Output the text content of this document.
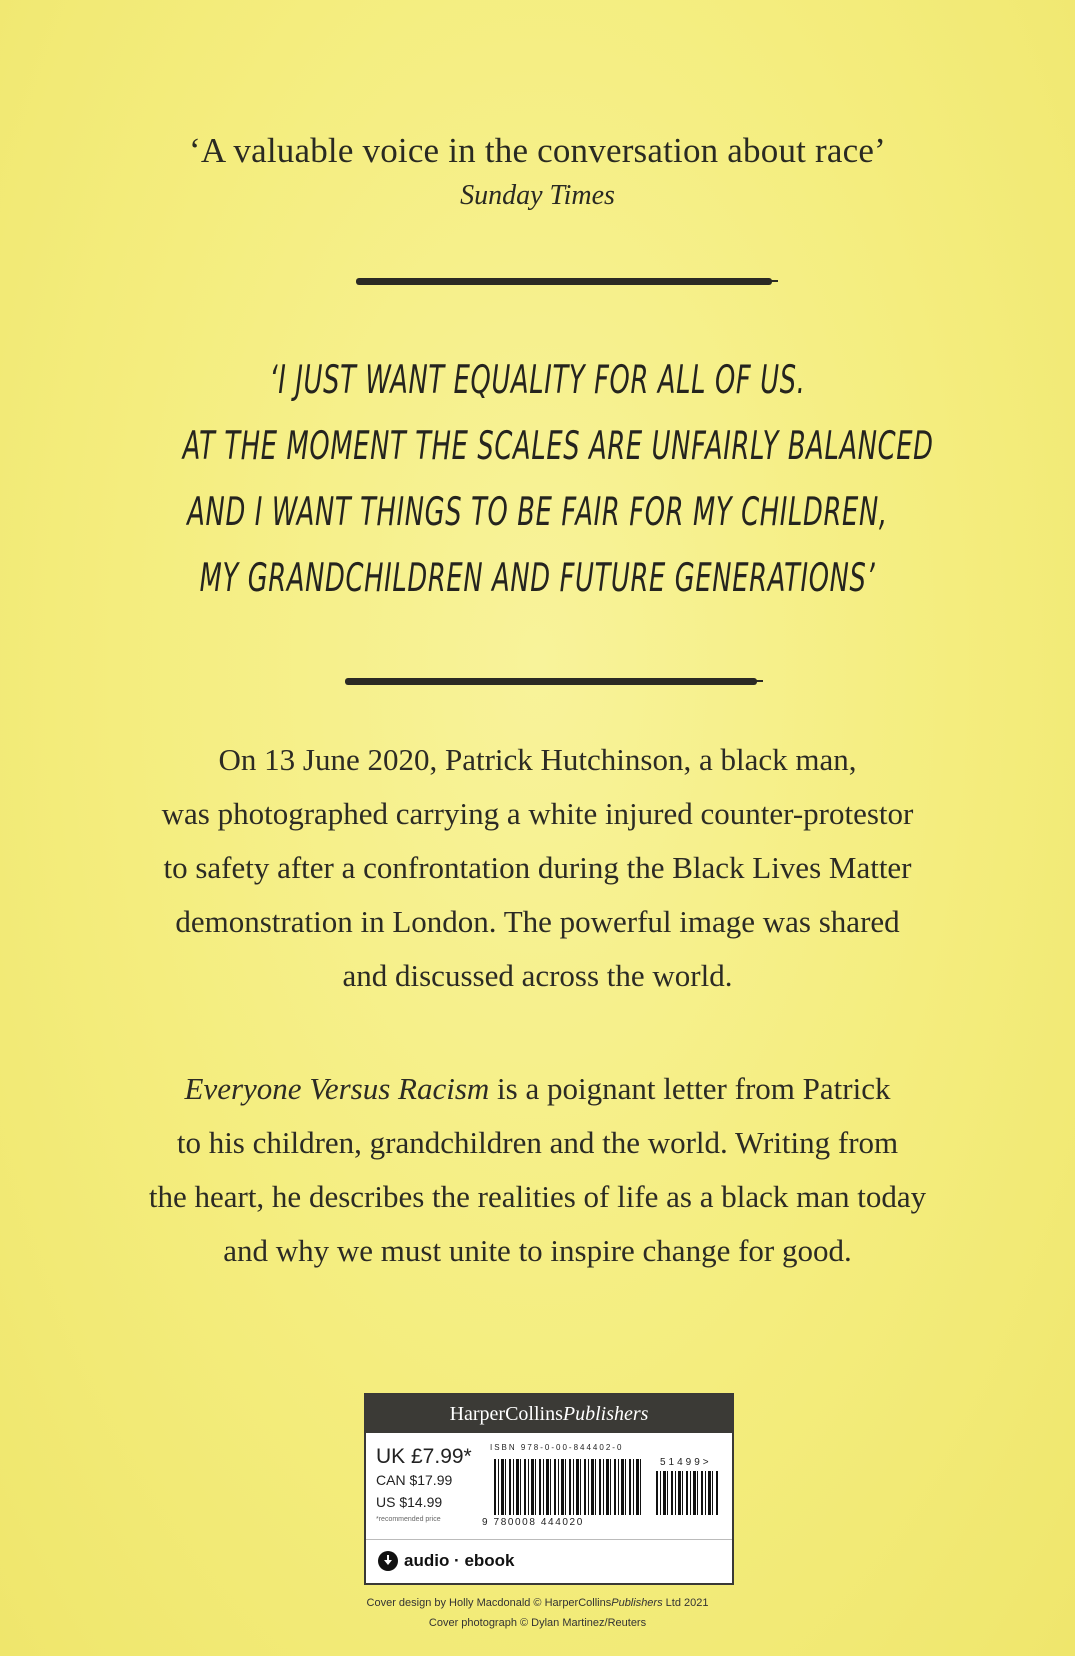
‘A valuable voice in the conversation about race’
Sunday Times
‘I JUST WANT EQUALITY FOR ALL OF US.
AT THE MOMENT THE SCALES ARE UNFAIRLY BALANCED
AND I WANT THINGS TO BE FAIR FOR MY CHILDREN,
MY GRANDCHILDREN AND FUTURE GENERATIONS’
On 13 June 2020, Patrick Hutchinson, a black man,
was photographed carrying a white injured counter-protestor
to safety after a confrontation during the Black Lives Matter
demonstration in London. The powerful image was shared
and discussed across the world.
Everyone Versus Racism is a poignant letter from Patrick
to his children, grandchildren and the world. Writing from
the heart, he describes the realities of life as a black man today
and why we must unite to inspire change for good.
HarperCollinsPublishers
UK £7.99*
CAN $17.99
US $14.99
*recommended price
ISBN 978-0-00-844402-0
51499>
9 780008 444020
audio · ebook
Cover design by Holly Macdonald © HarperCollinsPublishers Ltd 2021
Cover photograph © Dylan Martinez/Reuters
